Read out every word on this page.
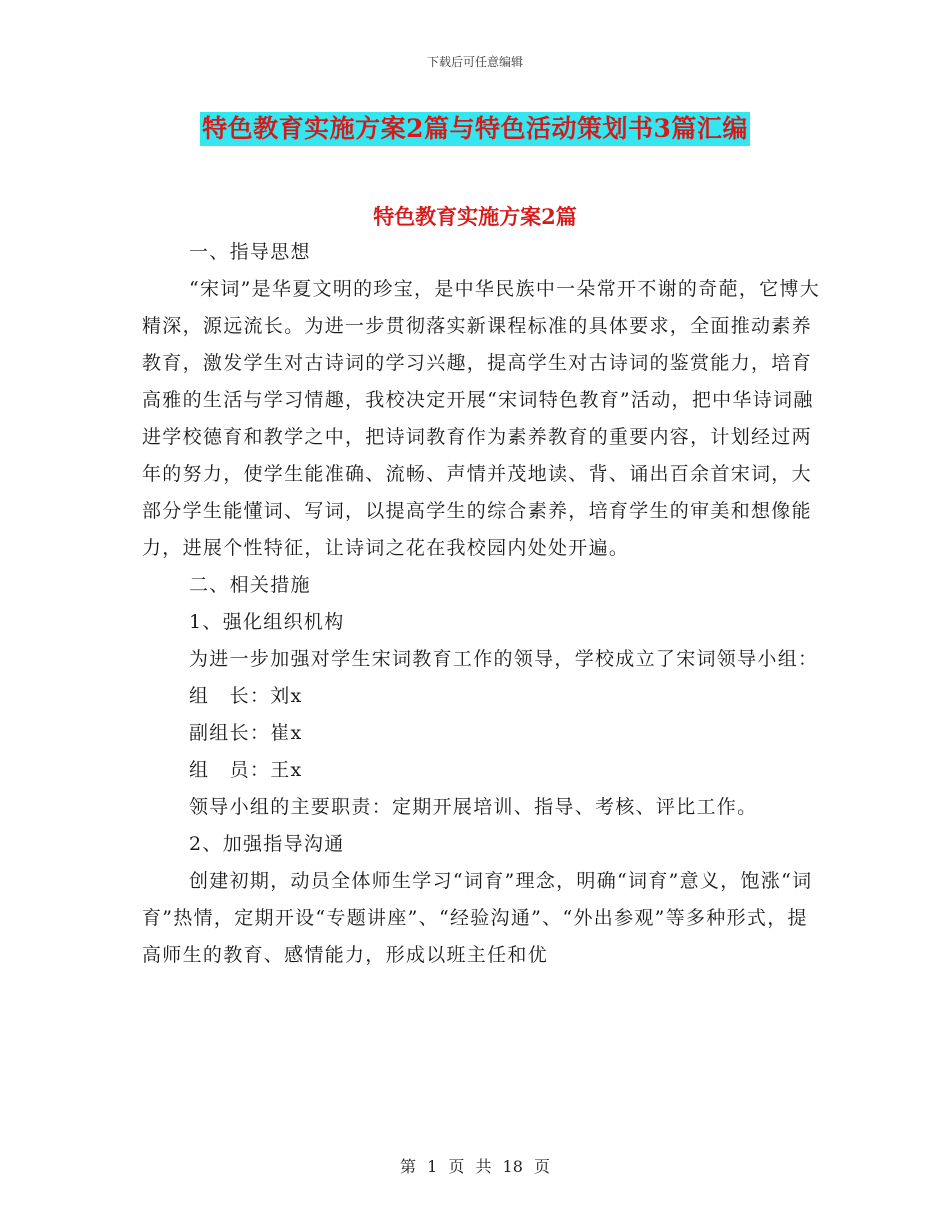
下载后可任意编辑
特色教育实施方案2篇与特色活动策划书3篇汇编
特色教育实施方案2篇

一、指导思想

“宋词”是华夏文明的珍宝，是中华民族中一朵常开不谢的奇葩，它博大精深，源远流长。为进一步贯彻落实新课程标准的具体要求，全面推动素养教育，激发学生对古诗词的学习兴趣，提高学生对古诗词的鉴赏能力，培育高雅的生活与学习情趣，我校决定开展“宋词特色教育”活动，把中华诗词融进学校德育和教学之中，把诗词教育作为素养教育的重要内容，计划经过两年的努力，使学生能准确、流畅、声情并茂地读、背、诵出百余首宋词，大部分学生能懂词、写词，以提高学生的综合素养，培育学生的审美和想像能力，进展个性特征，让诗词之花在我校园内处处开遍。

二、相关措施

1、强化组织机构

为进一步加强对学生宋词教育工作的领导，学校成立了宋词领导小组：

组　长：刘x

副组长：崔x

组　员：王x

领导小组的主要职责：定期开展培训、指导、考核、评比工作。

2、加强指导沟通

创建初期，动员全体师生学习“词育”理念，明确“词育”意义，饱涨“词育”热情，定期开设“专题讲座”、“经验沟通”、“外出参观”等多种形式，提高师生的教育、感情能力，形成以班主任和优

第 1 页 共 18 页
